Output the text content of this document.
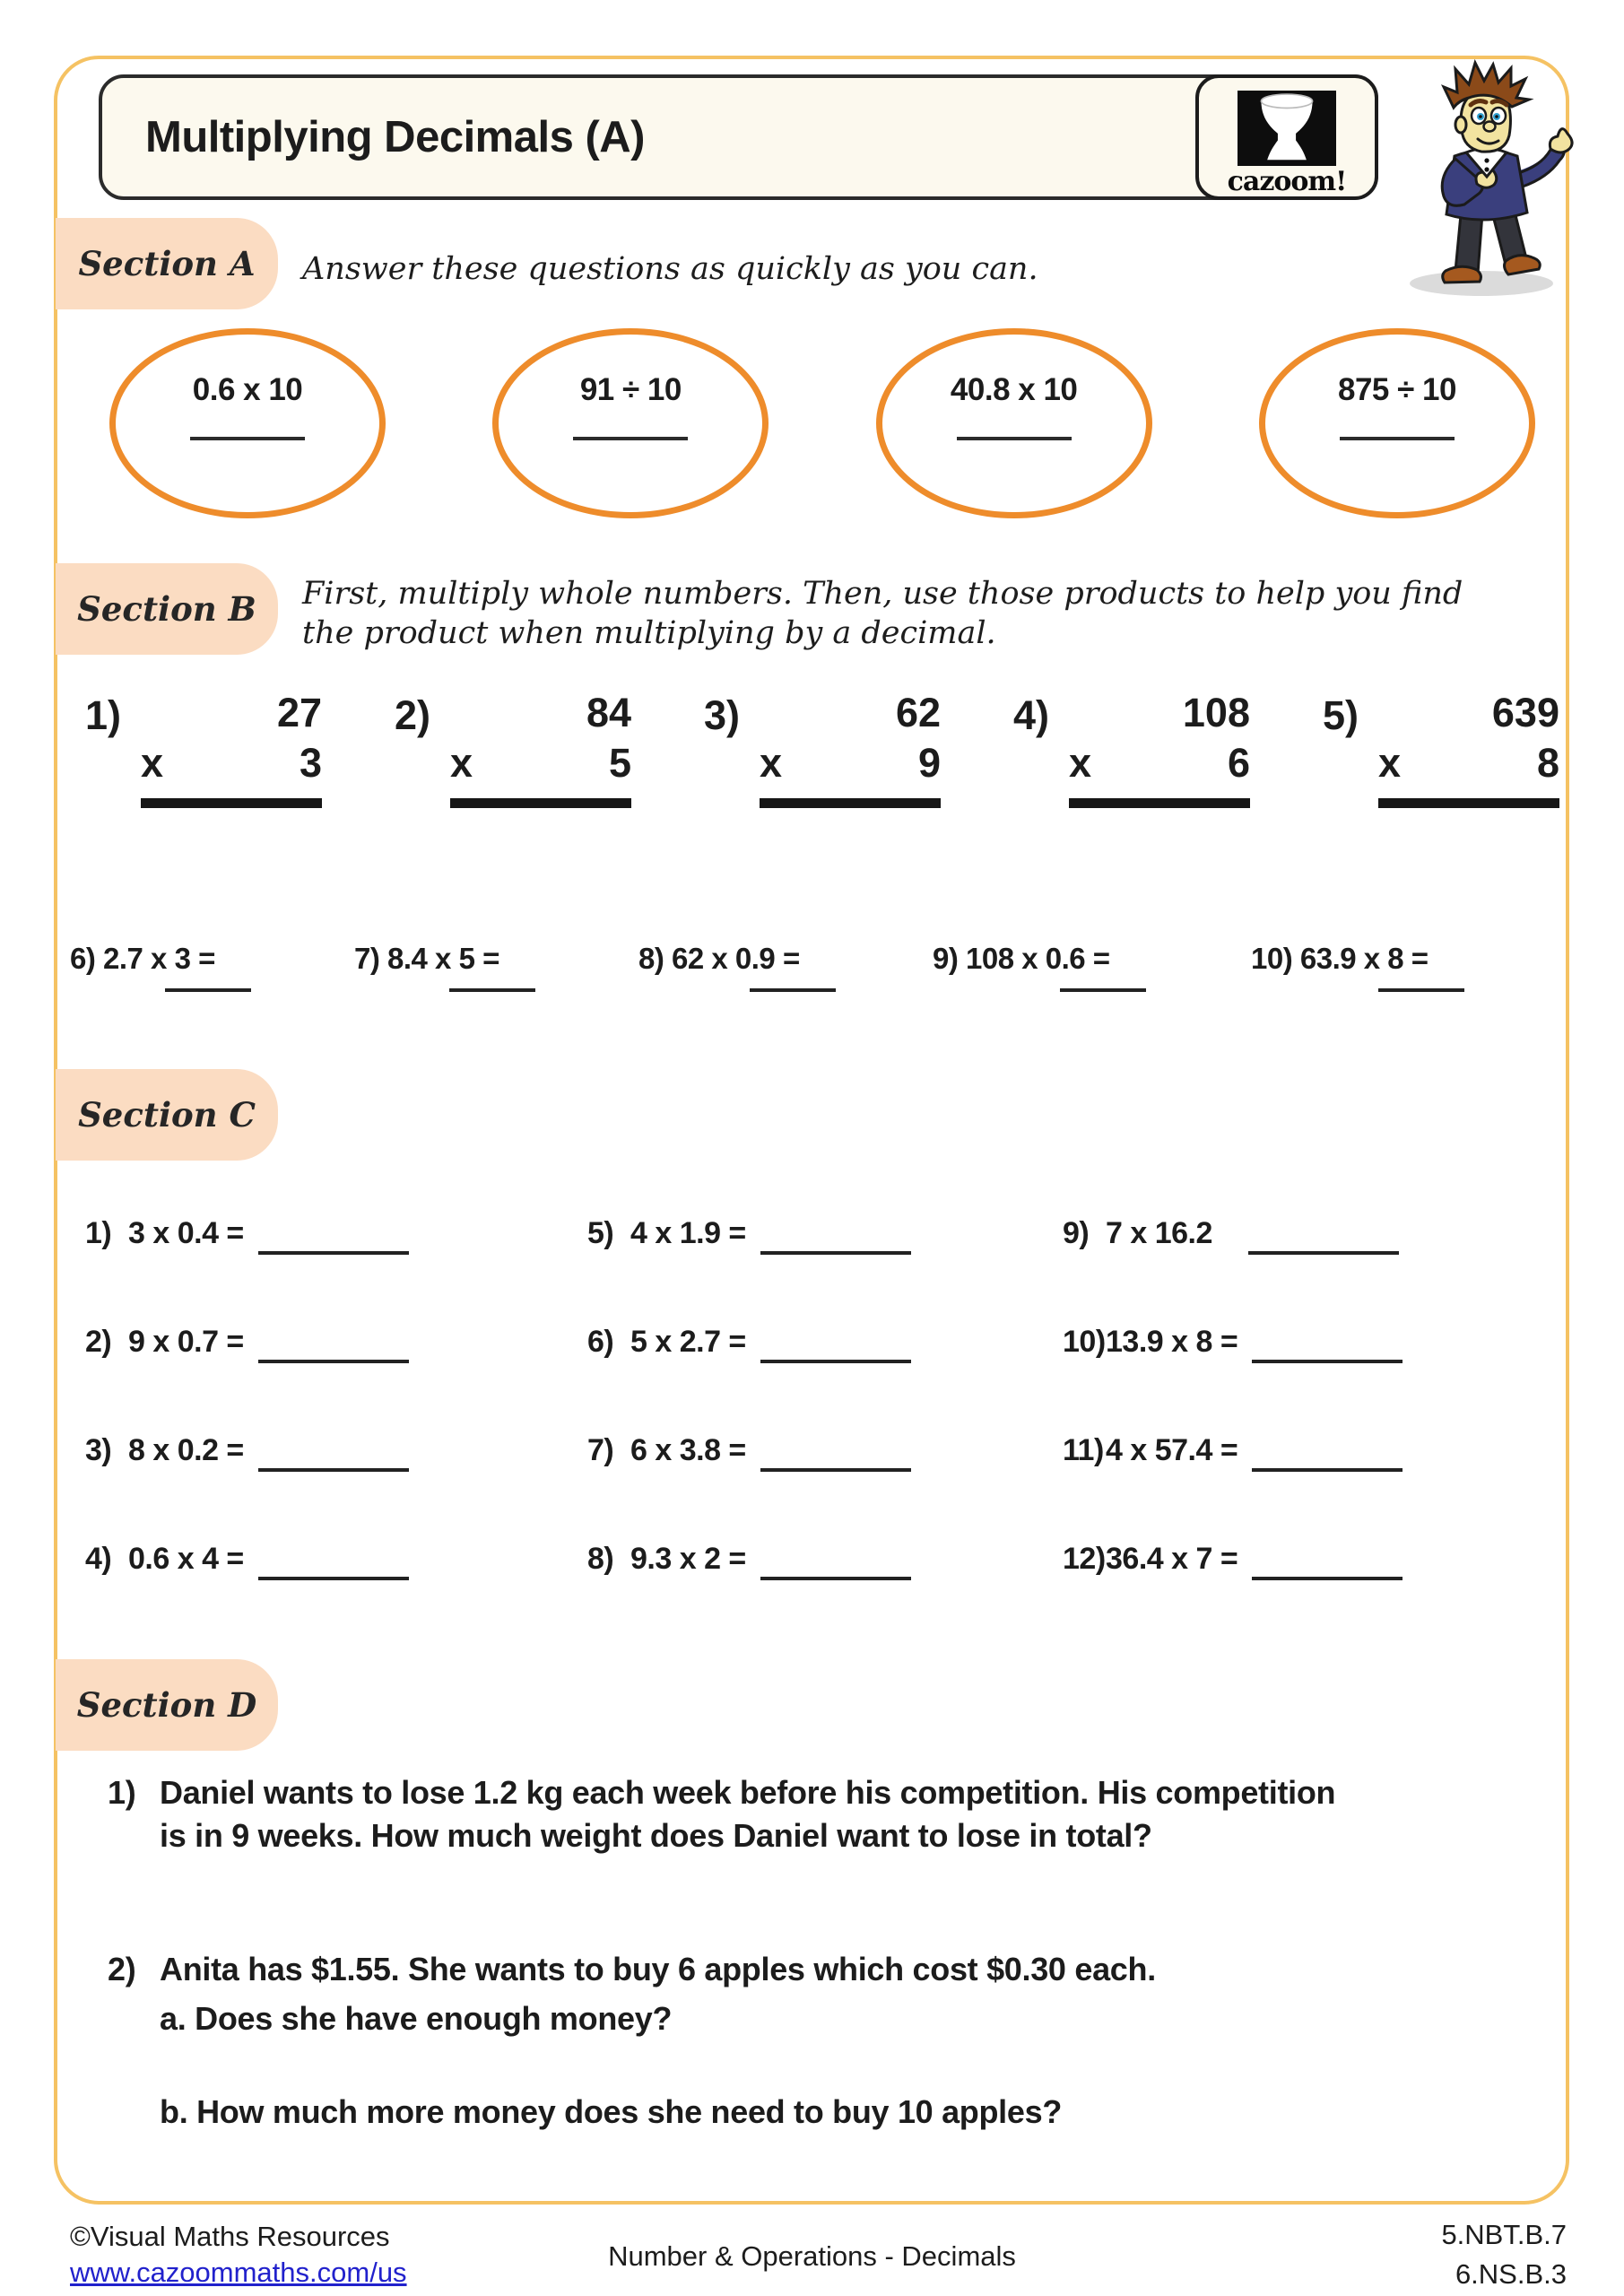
Multiplying Decimals (A)
cazoom!
Section A Answer these questions as quickly as you can.
0.6 x 10	91 ÷ 10	40.8 x 10	875 ÷ 10
Section B First, multiply whole numbers. Then, use those products to help you find
the product when multiplying by a decimal.
1)	27
x	3
2)	84
x	5
3)	62
x	9
4)	108
x	6
5)	639
x	8
6) 2.7 x 3 =	7) 8.4 x 5 =	8) 62 x 0.9 =	9) 108 x 0.6 =	10) 63.9 x 8 =
Section C
1) 3 x 0.4 =	5) 4 x 1.9 =	9) 7 x 16.2
2) 9 x 0.7 =	6) 5 x 2.7 =	10)13.9 x 8 =
3) 8 x 0.2 =	7) 6 x 3.8 =	11)4 x 57.4 =
4) 0.6 x 4 =	8) 9.3 x 2 =	12)36.4 x 7 =
Section D
1) Daniel wants to lose 1.2 kg each week before his competition. His competition
is in 9 weeks. How much weight does Daniel want to lose in total?
2) Anita has $1.55. She wants to buy 6 apples which cost $0.30 each.
a. Does she have enough money?
b. How much more money does she need to buy 10 apples?
©Visual Maths Resources
www.cazoommaths.com/us
Number & Operations - Decimals
5.NBT.B.7
6.NS.B.3
